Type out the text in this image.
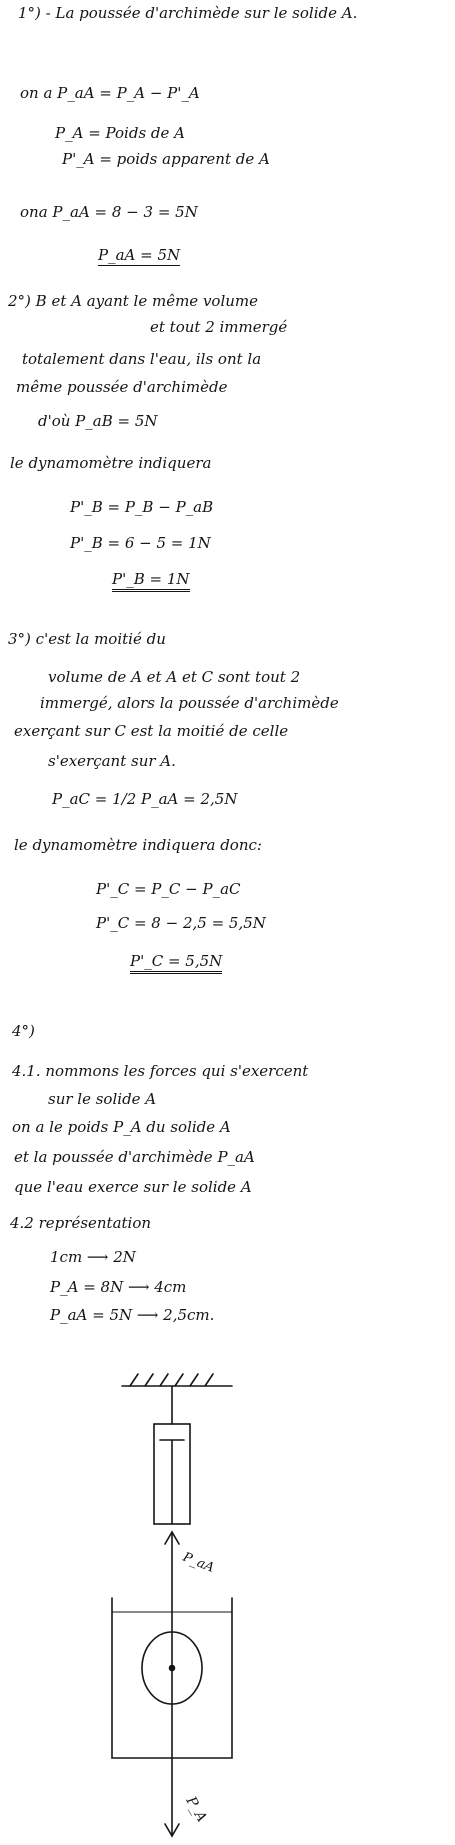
1°) - La poussée d'archimède sur le solide A.
on a P_aA = P_A − P'_A
P_A = Poids de A
P'_A = poids apparent de A
ona P_aA = 8 − 3 = 5N
P_aA = 5N
2°) B et A ayant le même volume
et tout 2 immergé
totalement dans l'eau, ils ont la
même poussée d'archimède
d'où P_aB = 5N
le dynamomètre indiquera
P'_B = P_B − P_aB
P'_B = 6 − 5 = 1N
P'_B = 1N
3°) c'est la moitié du
volume de A et A et C sont tout 2
immergé, alors la poussée d'archimède
exerçant sur C est la moitié de celle
s'exerçant sur A.
P_aC = 1/2 P_aA = 2,5N
le dynamomètre indiquera donc:
P'_C = P_C − P_aC
P'_C = 8 − 2,5 = 5,5N
P'_C = 5,5N
4°)
4.1. nommons les forces qui s'exercent
sur le solide A
on a le poids P_A du solide A
et la poussée d'archimède P_aA
que l'eau exerce sur le solide A
4.2 représentation
1cm ⟶ 2N
P_A = 8N ⟶ 4cm
P_aA = 5N ⟶ 2,5cm.
P_aA
P_A
